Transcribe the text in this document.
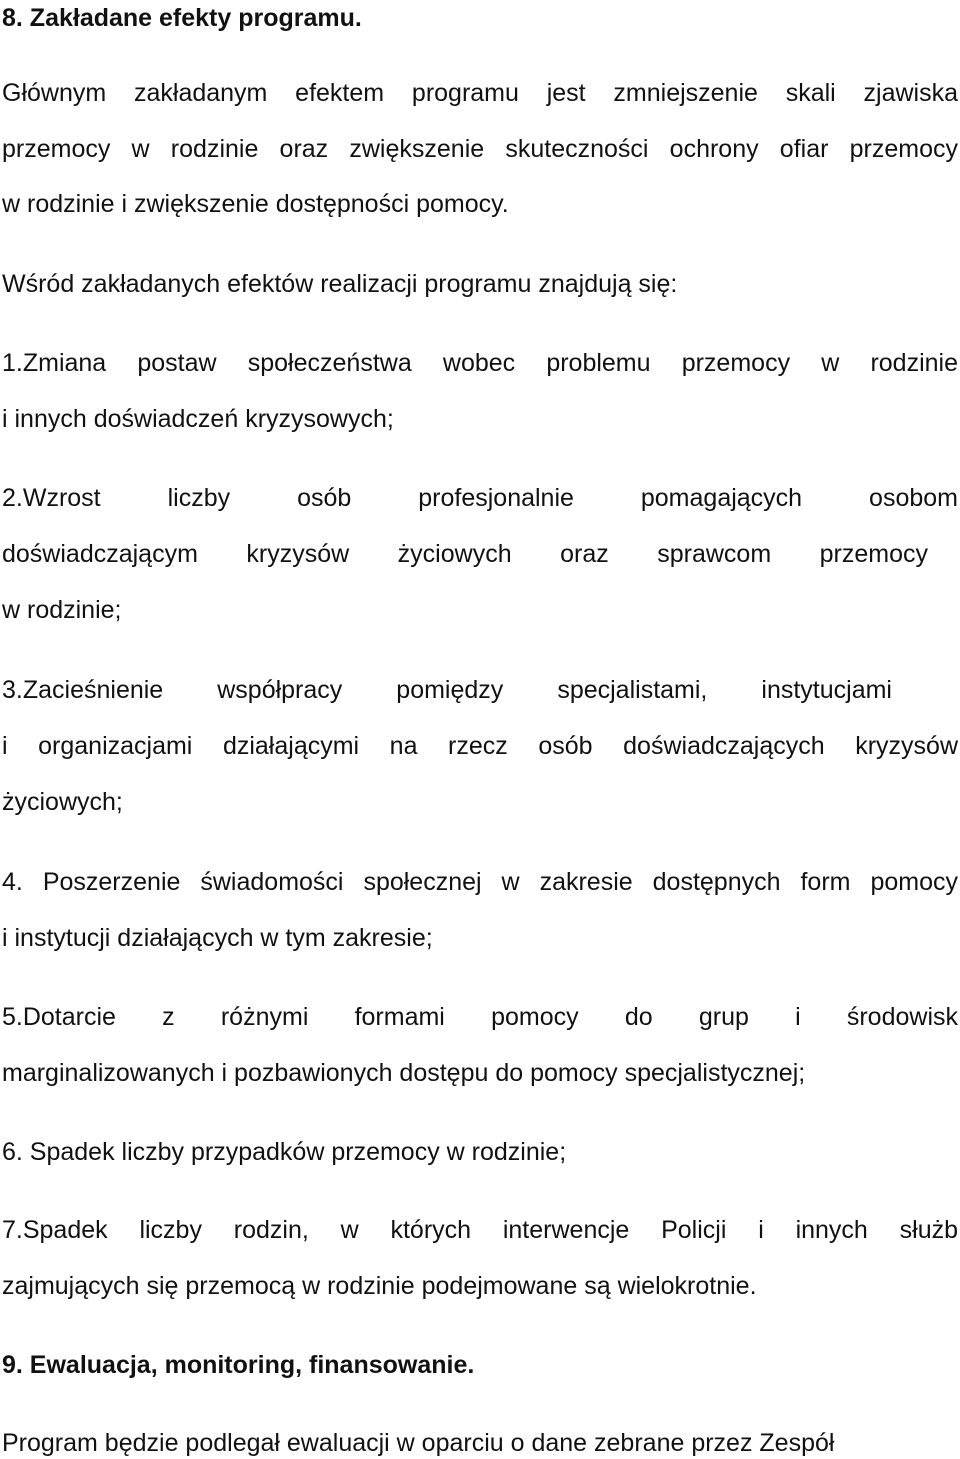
8. Zakładane efekty programu.
Głównym zakładanym efektem programu jest zmniejszenie skali zjawiska
przemocy w rodzinie oraz zwiększenie skuteczności ochrony ofiar przemocy
w rodzinie i zwiększenie dostępności pomocy.
Wśród zakładanych efektów realizacji programu znajdują się:
1.Zmiana postaw społeczeństwa wobec problemu przemocy w rodzinie
i innych doświadczeń kryzysowych;
2.Wzrost liczby osób profesjonalnie pomagających osobom
doświadczającym kryzysów życiowych oraz sprawcom przemocy
w rodzinie;
3.Zacieśnienie współpracy pomiędzy specjalistami, instytucjami
i organizacjami działającymi na rzecz osób doświadczających kryzysów
życiowych;
4. Poszerzenie świadomości społecznej w zakresie dostępnych form pomocy
i instytucji działających w tym zakresie;
5.Dotarcie z różnymi formami pomocy do grup i środowisk
marginalizowanych i pozbawionych dostępu do pomocy specjalistycznej;
6. Spadek liczby przypadków przemocy w rodzinie;
7.Spadek liczby rodzin, w których interwencje Policji i innych służb
zajmujących się przemocą w rodzinie podejmowane są wielokrotnie.
9. Ewaluacja, monitoring, finansowanie.
Program będzie podlegał ewaluacji w oparciu o dane zebrane przez Zespół
